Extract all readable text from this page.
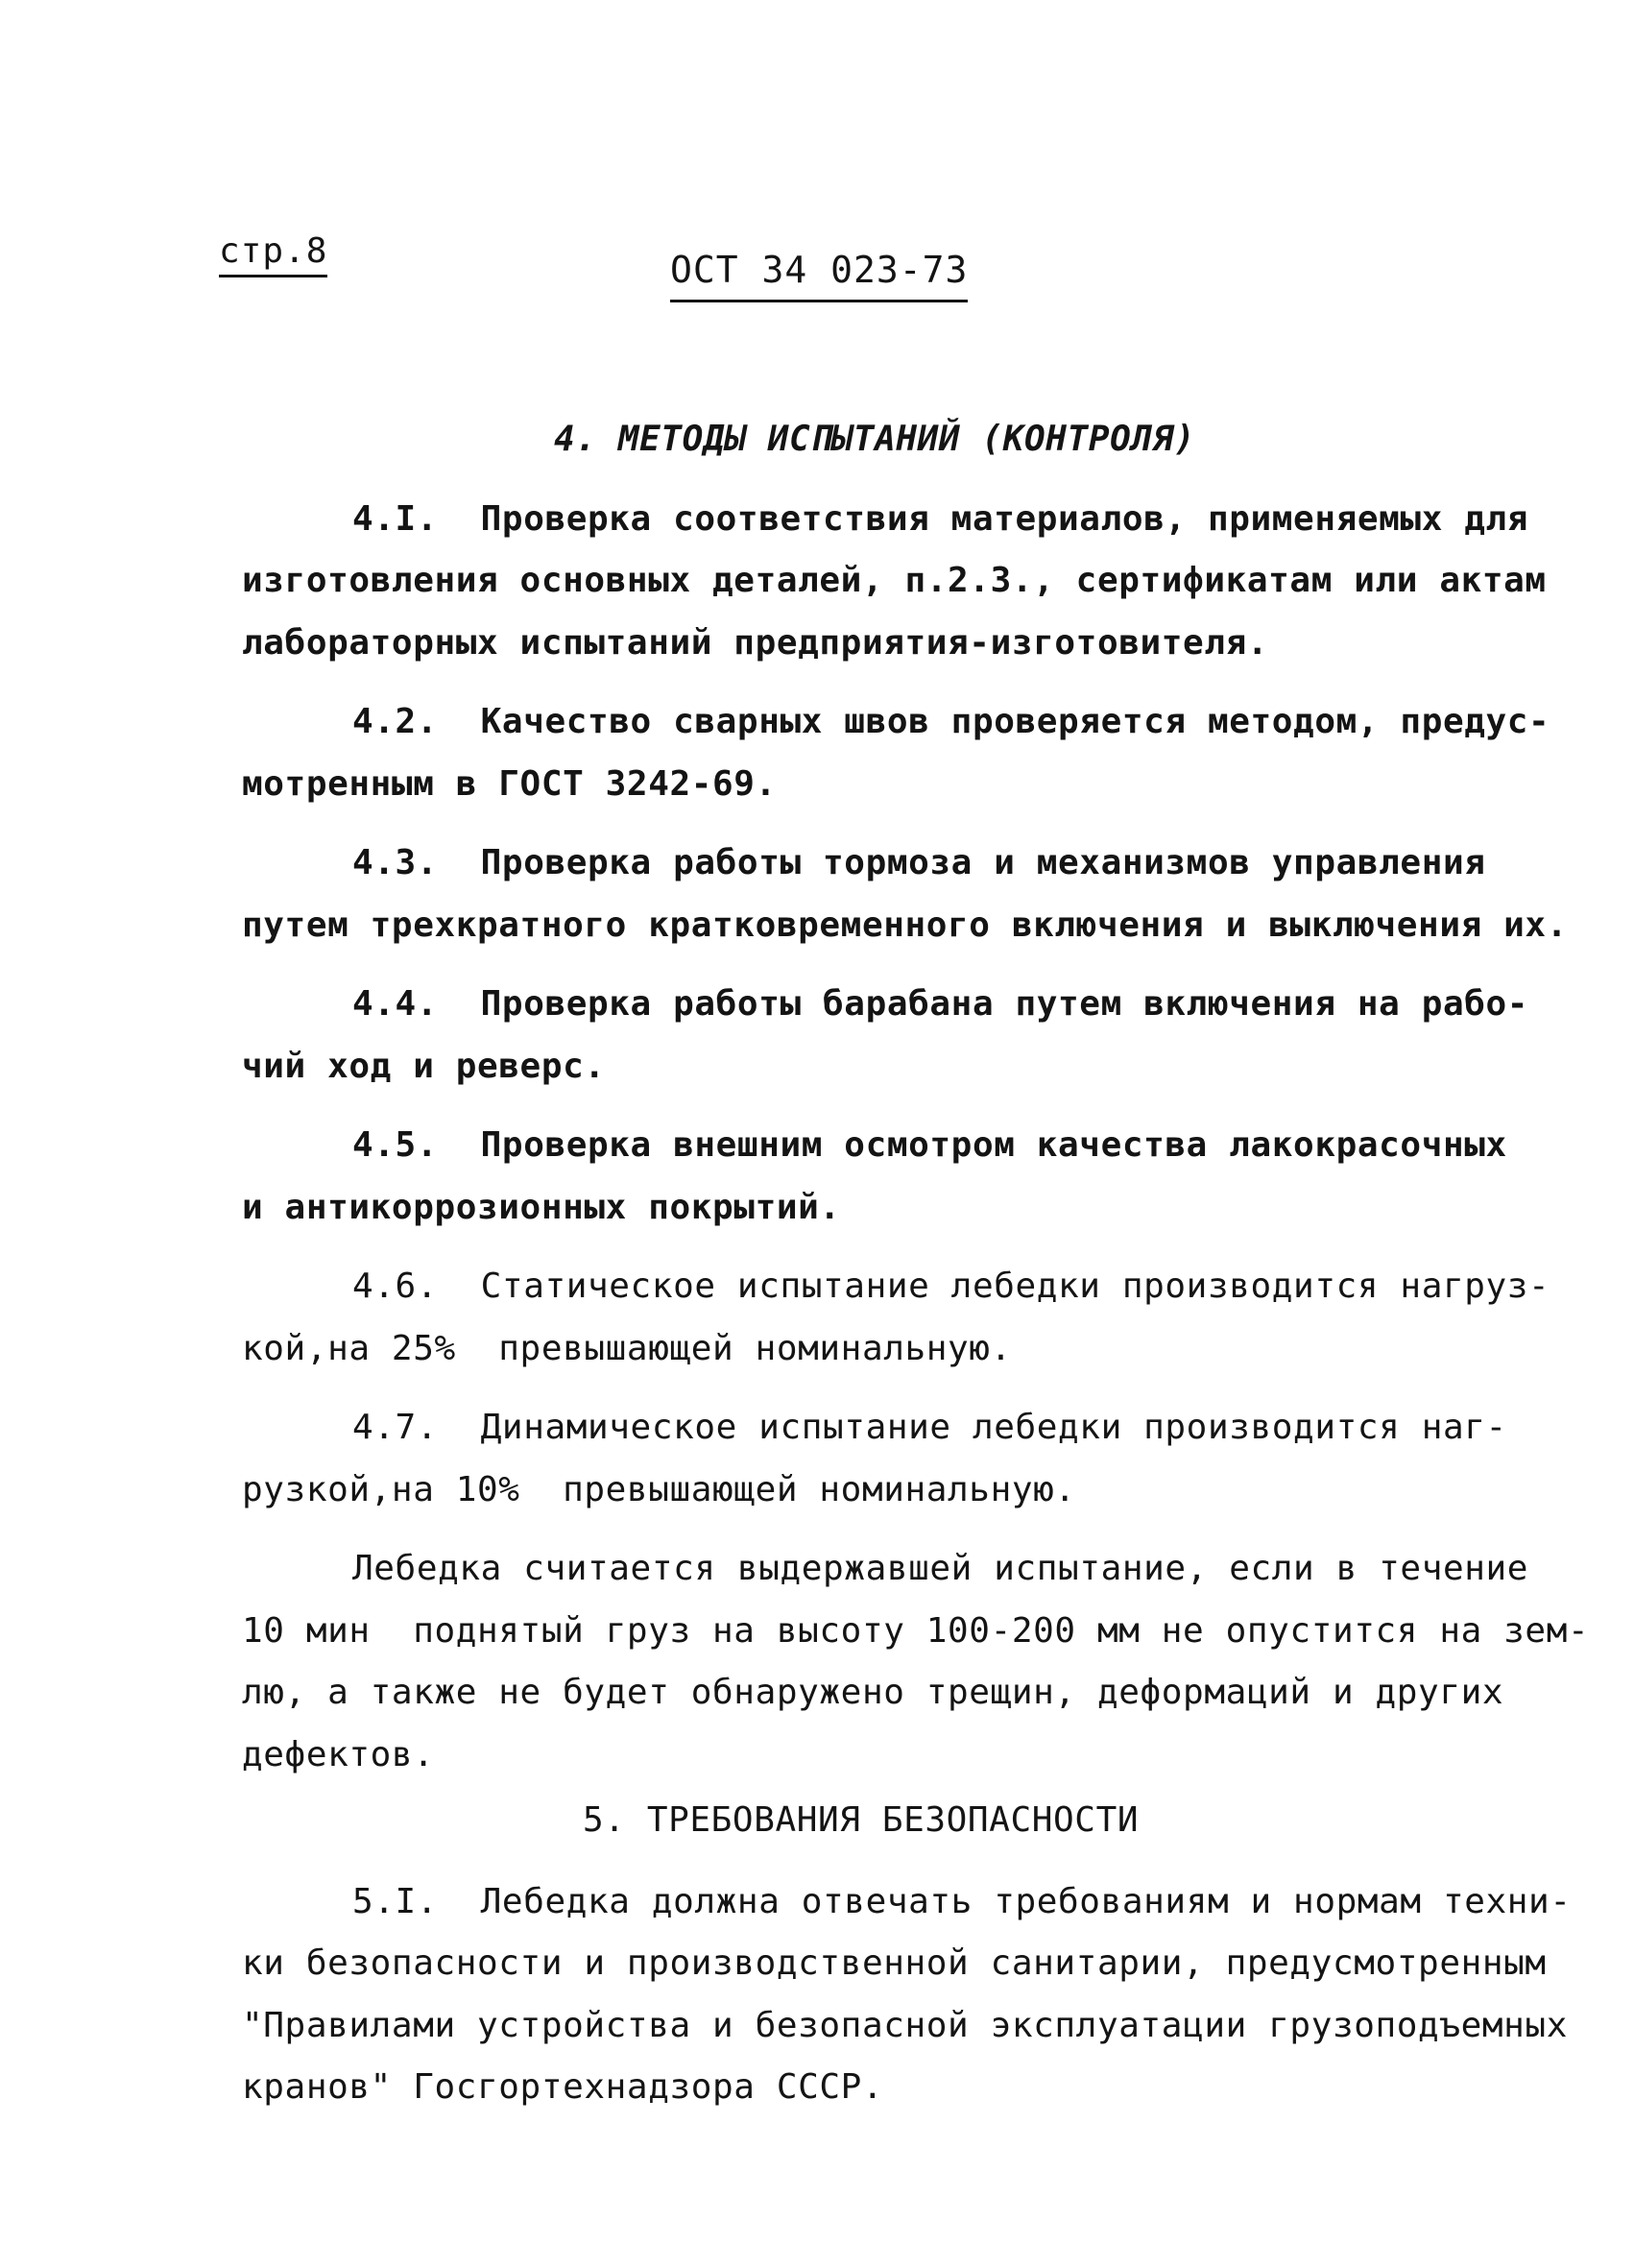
стр.8	ОСТ 34 023-73

4. МЕТОДЫ ИСПЫТАНИЙ (КОНТРОЛЯ)

4.I.  Проверка соответствия материалов, применяемых для

изготовления основных деталей, п.2.3., сертификатам или актам

лабораторных испытаний предприятия-изготовителя.

4.2.  Качество сварных швов проверяется методом, предус-

мотренным в ГОСТ 3242-69.

4.3.  Проверка работы тормоза и механизмов управления

путем трехкратного кратковременного включения и выключения их.

4.4.  Проверка работы барабана путем включения на рабо-

чий ход и реверс.

4.5.  Проверка внешним осмотром качества лакокрасочных

и антикоррозионных покрытий.

4.6.  Статическое испытание лебедки производится нагруз-

кой,на 25%  превышающей номинальную.

4.7.  Динамическое испытание лебедки производится наг-

рузкой,на 10%  превышающей номинальную.

Лебедка считается выдержавшей испытание, если в течение

10 мин  поднятый груз на высоту 100-200 мм не опустится на зем-

лю, а также не будет обнаружено трещин, деформаций и других

дефектов.

5. ТРЕБОВАНИЯ БЕЗОПАСНОСТИ

5.I.  Лебедка должна отвечать требованиям и нормам техни-

ки безопасности и производственной санитарии, предусмотренным

"Правилами устройства и безопасной эксплуатации грузоподъемных

кранов" Госгортехнадзора СССР.
